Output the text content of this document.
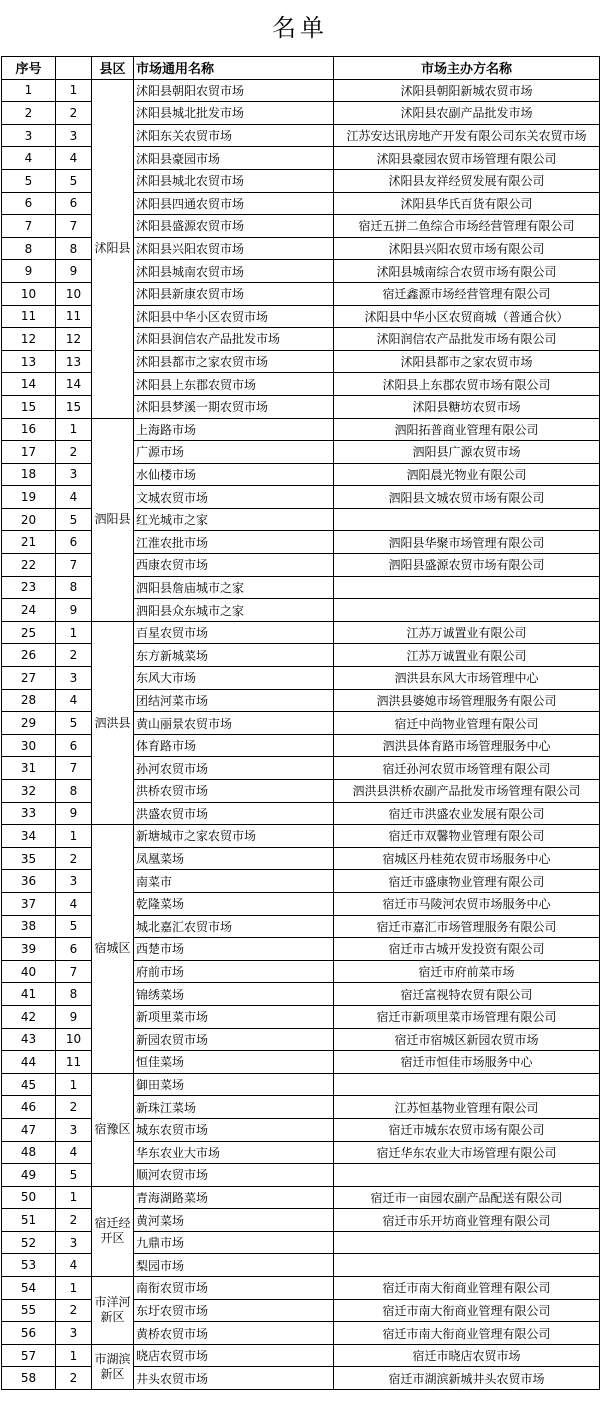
名单
序号		县区	市场通用名称	市场主办方名称
1	1	沭阳县	沭阳县朝阳农贸市场	沭阳县朝阳新城农贸市场
2	2		沭阳县城北批发市场	沭阳县农副产品批发市场
3	3		沭阳东关农贸市场	江苏安达讯房地产开发有限公司东关农贸市场
4	4		沭阳县豪园市场	沭阳县豪园农贸市场管理有限公司
5	5		沭阳县城北农贸市场	沭阳县友祥经贸发展有限公司
6	6		沭阳县四通农贸市场	沭阳县华氏百货有限公司
7	7		沭阳县盛源农贸市场	宿迁五拼二鱼综合市场经营管理有限公司
8	8		沭阳县兴阳农贸市场	沭阳县兴阳农贸市场有限公司
9	9		沭阳县城南农贸市场	沭阳县城南综合农贸市场有限公司
10	10		沭阳县新康农贸市场	宿迁鑫源市场经营管理有限公司
11	11		沭阳县中华小区农贸市场	沭阳县中华小区农贸商城（普通合伙）
12	12		沭阳县润信农产品批发市场	沭阳润信农产品批发市场有限公司
13	13		沭阳县都市之家农贸市场	沭阳县都市之家农贸市场
14	14		沭阳县上东郡农贸市场	沭阳县上东郡农贸市场有限公司
15	15		沭阳县梦溪一期农贸市场	沭阳县糖坊农贸市场
16	1	泗阳县	上海路市场	泗阳拓普商业管理有限公司
17	2		广源市场	泗阳县广源农贸市场
18	3		水仙楼市场	泗阳晨光物业有限公司
19	4		文城农贸市场	泗阳县文城农贸市场有限公司
20	5		红光城市之家	
21	6		江淮农批市场	泗阳县华聚市场管理有限公司
22	7		西康农贸市场	泗阳县盛源农贸市场有限公司
23	8		泗阳县詹庙城市之家	
24	9		泗阳县众东城市之家	
25	1	泗洪县	百星农贸市场	江苏万诚置业有限公司
26	2		东方新城菜场	江苏万诚置业有限公司
27	3		东风大市场	泗洪县东风大市场管理中心
28	4		团结河菜市场	泗洪县婆媳市场管理服务有限公司
29	5		黄山丽景农贸市场	宿迁中尚物业管理有限公司
30	6		体育路市场	泗洪县体育路市场管理服务中心
31	7		孙河农贸市场	宿迁孙河农贸市场管理有限公司
32	8		洪桥农贸市场	泗洪县洪桥农副产品批发市场管理有限公司
33	9		洪盛农贸市场	宿迁市洪盛农业发展有限公司
34	1	宿城区	新塘城市之家农贸市场	宿迁市双馨物业管理有限公司
35	2		凤凰菜场	宿城区丹桂苑农贸市场服务中心
36	3		南菜市	宿迁市盛康物业管理有限公司
37	4		乾隆菜场	宿迁市马陵河农贸市场服务中心
38	5		城北嘉汇农贸市场	宿迁市嘉汇市场管理服务有限公司
39	6		西楚市场	宿迁市古城开发投资有限公司
40	7		府前市场	宿迁市府前菜市场
41	8		锦绣菜场	宿迁富视特农贸有限公司
42	9		新项里菜市场	宿迁市新项里菜市场管理有限公司
43	10		新园农贸市场	宿迁市宿城区新园农贸市场
44	11		恒佳菜场	宿迁市恒佳市场服务中心
45	1	宿豫区	御田菜场	
46	2		新珠江菜场	江苏恒基物业管理有限公司
47	3		城东农贸市场	宿迁市城东农贸市场有限公司
48	4		华东农业大市场	宿迁华东农业大市场管理有限公司
49	5		顺河农贸市场	
50	1	宿迁经开区	青海湖路菜场	宿迁市一亩园农副产品配送有限公司
51	2		黄河菜场	宿迁市乐开坊商业管理有限公司
52	3		九鼎市场	
53	4		梨园市场	
54	1	市洋河新区	南衔农贸市场	宿迁市南大衔商业管理有限公司
55	2		东圩农贸市场	宿迁市南大衔商业管理有限公司
56	3		黄桥农贸市场	宿迁市南大衔商业管理有限公司
57	1	市湖滨新区	晓店农贸市场	宿迁市晓店农贸市场
58	2		井头农贸市场	宿迁市湖滨新城井头农贸市场
